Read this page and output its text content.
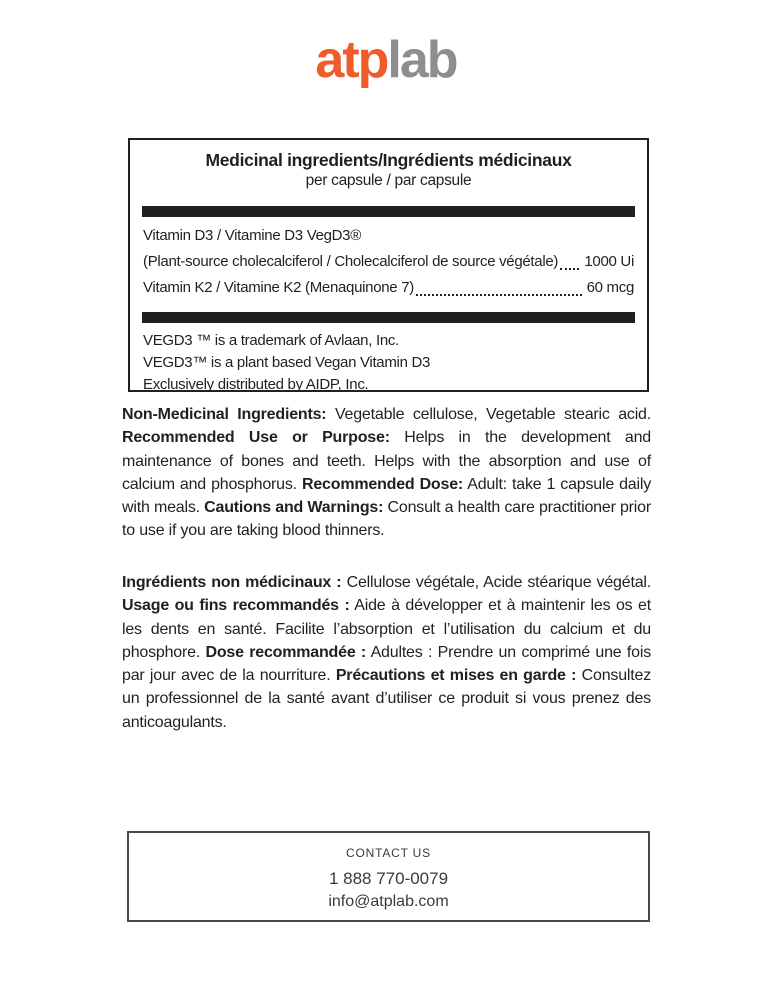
atplab
Medicinal ingredients/Ingrédients médicinaux
per capsule / par capsule
Vitamin D3 / Vitamine D3 VegD3®
(Plant-source cholecalciferol / Cholecalciferol de source végétale) 1000 Ui
Vitamin K2 / Vitamine K2 (Menaquinone 7)	60 mcg
VEGD3 ™ is a trademark of Avlaan, Inc.
VEGD3™ is a plant based Vegan Vitamin D3
Exclusively distributed by AIDP, Inc.

Non-Medicinal Ingredients: Vegetable cellulose, Vegetable stearic acid. Recommended Use or Purpose: Helps in the development and maintenance of bones and teeth. Helps with the absorption and use of calcium and phosphorus. Recommended Dose: Adult: take 1 capsule daily with meals. Cautions and Warnings: Consult a health care practitioner prior to use if you are taking blood thinners.

Ingrédients non médicinaux : Cellulose végétale, Acide stéarique végétal. Usage ou fins recommandés : Aide à développer et à maintenir les os et les dents en santé. Facilite l’absorption et l’utilisation du calcium et du phosphore. Dose recommandée : Adultes : Prendre un comprimé une fois par jour avec de la nourriture. Précautions et mises en garde : Consultez un professionnel de la santé avant d’utiliser ce produit si vous prenez des anticoagulants.

CONTACT US
1 888 770-0079
info@atplab.com
